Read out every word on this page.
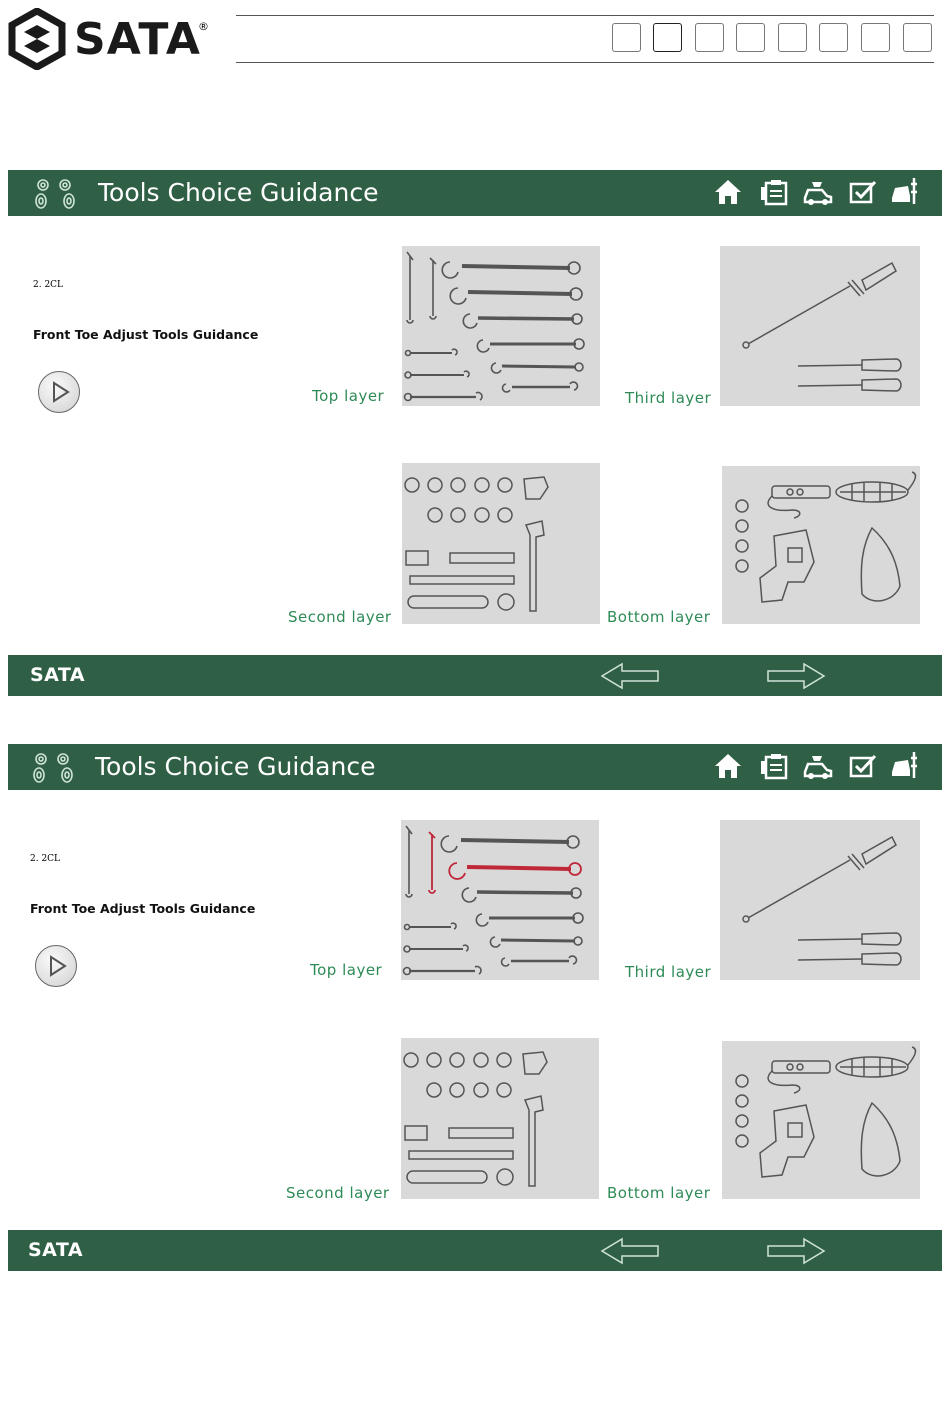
SATA
®
Tools Choice Guidance
2. 2CL
Front Toe Adjust Tools Guidance
Top layer	Third layer
Second layer	Bottom layer
SATA
Tools Choice Guidance
2. 2CL
Front Toe Adjust Tools Guidance
Top layer	Third layer
Second layer	Bottom layer
SATA
